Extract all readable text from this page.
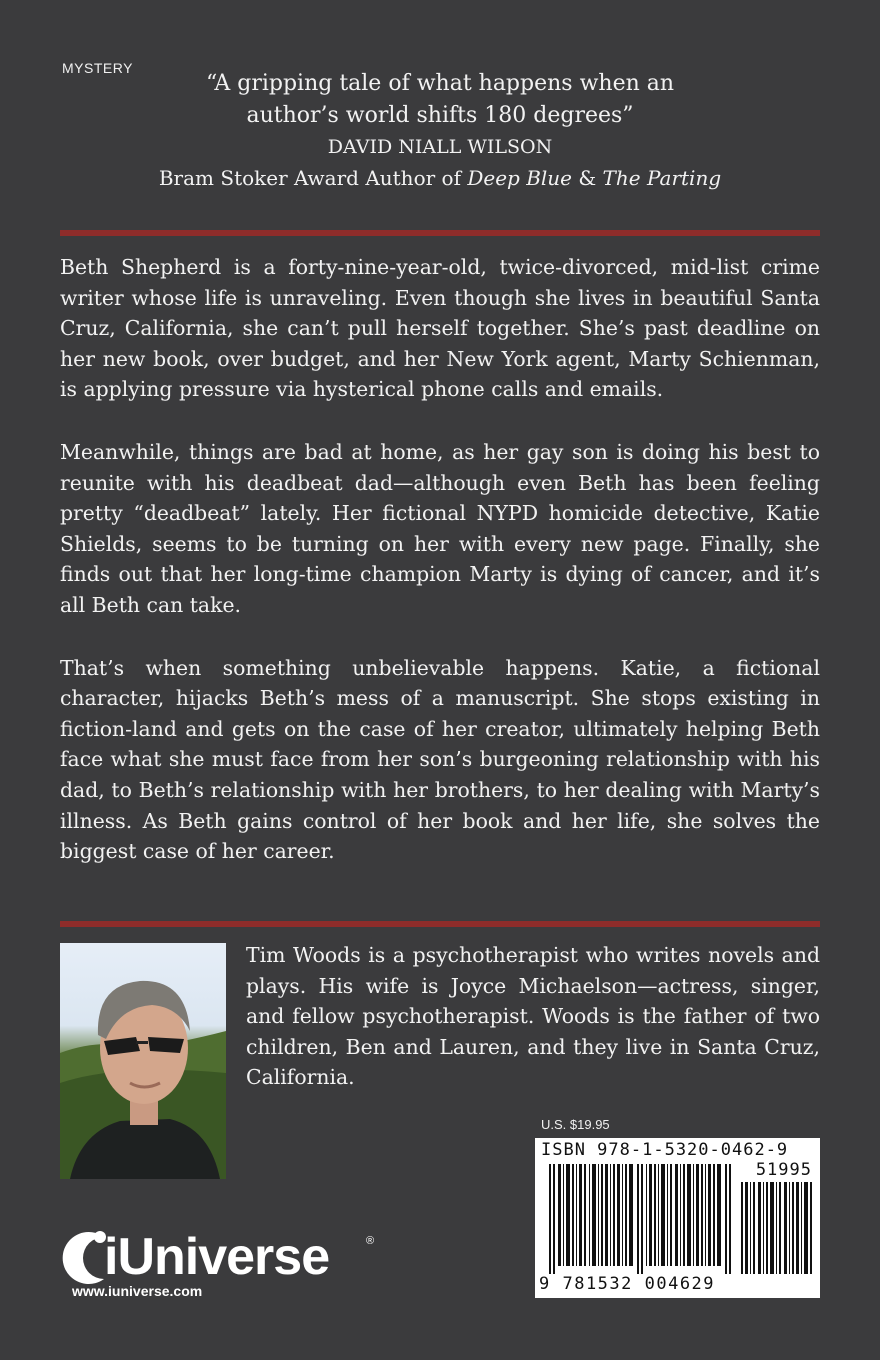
MYSTERY
“A gripping tale of what happens when an
author’s world shifts 180 degrees”
DAVID NIALL WILSON
Bram Stoker Award Author of Deep Blue & The Parting

Beth Shepherd is a forty-nine-year-old, twice-divorced, mid-list crime writer whose life is unraveling. Even though she lives in beautiful Santa Cruz, California, she can’t pull herself together. She’s past deadline on her new book, over budget, and her New York agent, Marty Schienman, is applying pressure via hysterical phone calls and emails.

Meanwhile, things are bad at home, as her gay son is doing his best to reunite with his deadbeat dad—although even Beth has been feeling pretty “deadbeat” lately. Her fictional NYPD homicide detective, Katie Shields, seems to be turning on her with every new page. Finally, she finds out that her long-time champion Marty is dying of cancer, and it’s all Beth can take.

That’s when something unbelievable happens. Katie, a fictional character, hijacks Beth’s mess of a manuscript. She stops existing in fiction-land and gets on the case of her creator, ultimately helping Beth face what she must face from her son’s burgeoning relationship with his dad, to Beth’s relationship with her brothers, to her dealing with Marty’s illness. As Beth gains control of her book and her life, she solves the biggest case of her career.

Tim Woods is a psychotherapist who writes novels and plays. His wife is Joyce Michaelson—actress, singer, and fellow psychotherapist. Woods is the father of two children, Ben and Lauren, and they live in Santa Cruz, California.
U.S. $19.95
ISBN 978-1-5320-0462-9
51995
9 781532 004629
iUniverse	®
www.iuniverse.com
